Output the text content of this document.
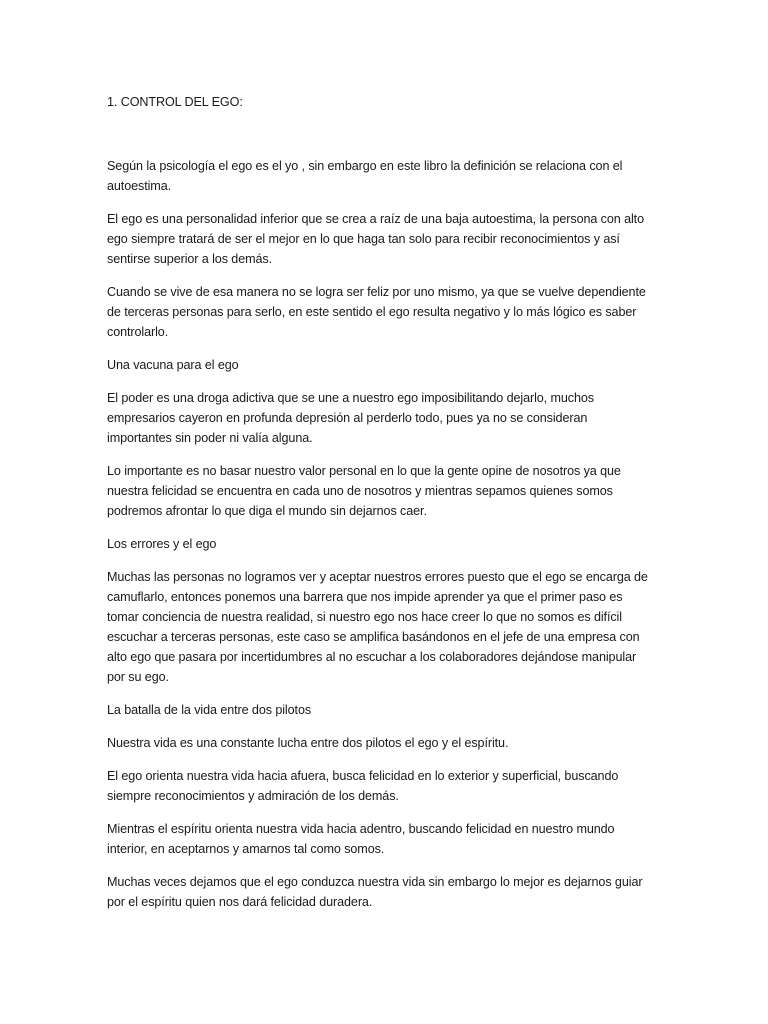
1. CONTROL DEL EGO:

Según la psicología el ego es el yo , sin embargo en este libro la definición se relaciona con el autoestima.

El ego es una personalidad inferior que se crea a raíz de una baja autoestima, la persona con alto ego siempre tratará de ser el mejor en lo que haga tan solo para recibir reconocimientos y así sentirse superior a los demás.

Cuando se vive de esa manera no se logra ser feliz por uno mismo, ya que se vuelve dependiente de terceras personas para serlo, en este sentido el ego resulta negativo y lo más lógico es saber controlarlo.

Una vacuna para el ego

El poder es una droga adictiva que se une a nuestro ego imposibilitando dejarlo, muchos empresarios cayeron en profunda depresión al perderlo todo, pues ya no se consideran importantes sin poder ni valía alguna.

Lo importante es no basar nuestro valor personal en lo que la gente opine de nosotros ya que nuestra felicidad se encuentra en cada uno de nosotros y mientras sepamos quienes somos podremos afrontar lo que diga el mundo sin dejarnos caer.

Los errores y el ego

Muchas las personas no logramos ver y aceptar nuestros errores puesto que el ego se encarga de camuflarlo, entonces ponemos una barrera que nos impide aprender ya que el primer paso es tomar conciencia de nuestra realidad, si nuestro ego nos hace creer lo que no somos es difícil escuchar a terceras personas, este caso se amplifica basándonos en el jefe de una empresa con alto ego que pasara por incertidumbres al no escuchar a los colaboradores dejándose manipular por su ego.

La batalla de la vida entre dos pilotos

Nuestra vida es una constante lucha entre dos pilotos el ego y el espíritu.

El ego orienta nuestra vida hacia afuera, busca felicidad en lo exterior y superficial, buscando siempre reconocimientos y admiración de los demás.

Mientras el espíritu orienta nuestra vida hacia adentro, buscando felicidad en nuestro mundo interior, en aceptarnos y amarnos tal como somos.

Muchas veces dejamos que el ego conduzca nuestra vida sin embargo lo mejor es dejarnos guiar por el espíritu quien nos dará felicidad duradera.
